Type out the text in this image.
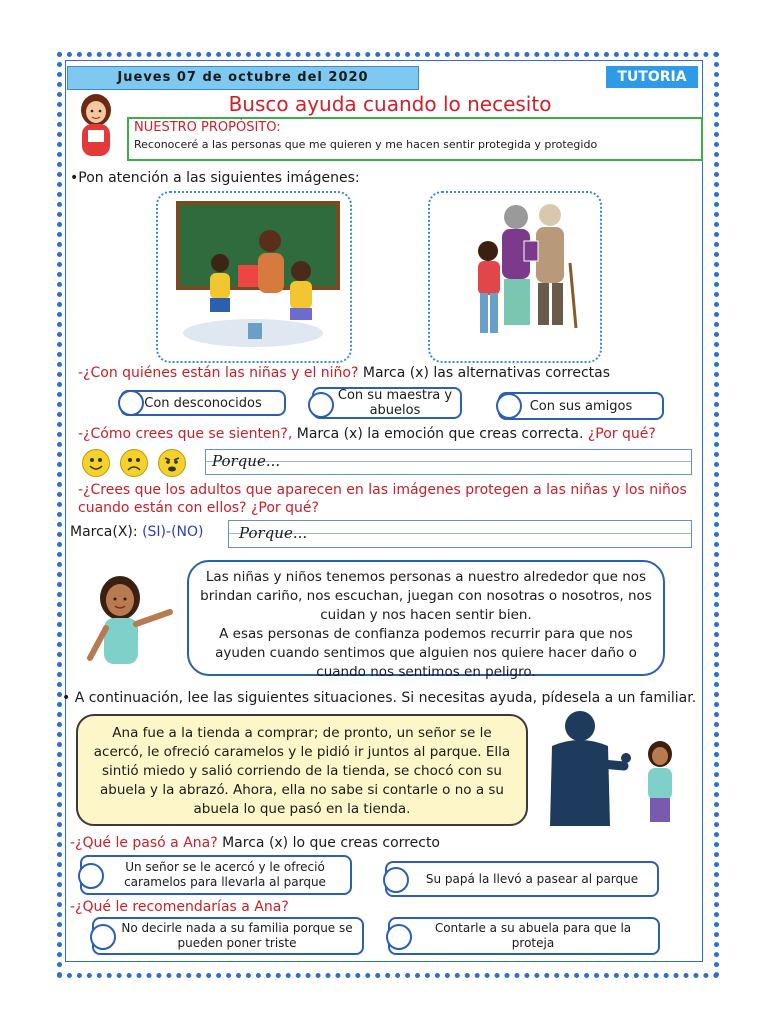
Jueves 07 de octubre del 2020	TUTORIA
Busco ayuda cuando lo necesito
NUESTRO PROPÓSITO:
Reconoceré a las personas que me quieren y me hacen sentir protegida y protegido
•Pon atención a las siguientes imágenes:
-¿Con quiénes están las niñas y el niño? Marca (x) las alternativas correctas
Con desconocidos	Con su maestra y abuelos	Con sus amigos
-¿Cómo crees que se sienten?, Marca (x) la emoción que creas correcta. ¿Por qué?
Porque...
-¿Crees que los adultos que aparecen en las imágenes protegen a las niñas y los niños cuando están con ellos? ¿Por qué?
Marca(X): (SI)-(NO) Porque...
Las niñas y niños tenemos personas a nuestro alrededor que nos brindan cariño, nos escuchan, juegan con nosotras o nosotros, nos cuidan y nos hacen sentir bien.
A esas personas de confianza podemos recurrir para que nos ayuden cuando sentimos que alguien nos quiere hacer daño o cuando nos sentimos en peligro.
• A continuación, lee las siguientes situaciones. Si necesitas ayuda, pídesela a un familiar.
Ana fue a la tienda a comprar; de pronto, un señor se le acercó, le ofreció caramelos y le pidió ir juntos al parque. Ella sintió miedo y salió corriendo de la tienda, se chocó con su abuela y la abrazó. Ahora, ella no sabe si contarle o no a su abuela lo que pasó en la tienda.
-¿Qué le pasó a Ana? Marca (x) lo que creas correcto
Un señor se le acercó y le ofreció caramelos para llevarla al parque	Su papá la llevó a pasear al parque
-¿Qué le recomendarías a Ana?
No decirle nada a su familia porque se pueden poner triste
Contarle a su abuela para que la proteja
